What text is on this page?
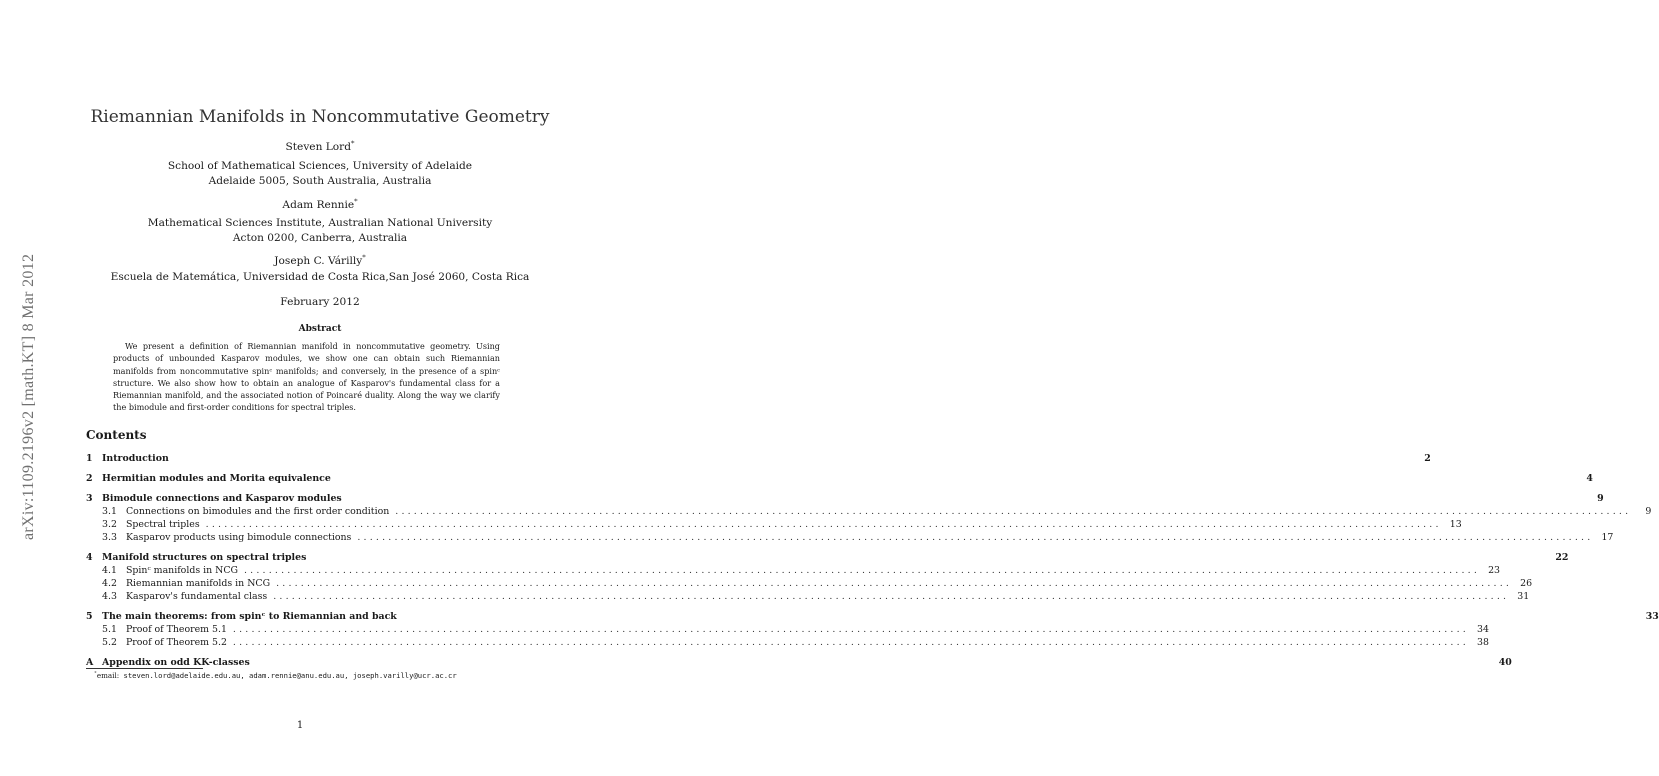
arXiv:1109.2196v2 [math.KT] 8 Mar 2012
Riemannian Manifolds in Noncommutative Geometry
Steven Lord*
School of Mathematical Sciences, University of Adelaide
Adelaide 5005, South Australia, Australia
Adam Rennie*
Mathematical Sciences Institute, Australian National University
Acton 0200, Canberra, Australia
Joseph C. Várilly*
Escuela de Matemática, Universidad de Costa Rica,San José 2060, Costa Rica
February 2012
Abstract
We present a definition of Riemannian manifold in noncommutative geometry. Using products of unbounded Kasparov modules, we show one can obtain such Riemannian manifolds from noncommutative spinᶜ manifolds; and conversely, in the presence of a spinᶜ structure. We also show how to obtain an analogue of Kasparov's fundamental class for a Riemannian manifold, and the associated notion of Poincaré duality. Along the way we clarify the bimodule and first-order conditions for spectral triples.
Contents
1	Introduction	2
2	Hermitian modules and Morita equivalence	4
3	Bimodule connections and Kasparov modules	9
3.1 Connections on bimodules and the first order condition ........................................................................................................................................................................................................	9
3.2 Spectral triples ........................................................................................................................................................................................................ 13
3.3 Kasparov products using bimodule connections ........................................................................................................................................................................................................ 17
4	Manifold structures on spectral triples	22
4.1 Spinᶜ manifolds in NCG ........................................................................................................................................................................................................ 23
4.2 Riemannian manifolds in NCG ........................................................................................................................................................................................................ 26
4.3 Kasparov's fundamental class ........................................................................................................................................................................................................ 31
5	The main theorems: from spinᶜ to Riemannian and back	33
5.1 Proof of Theorem 5.1 ........................................................................................................................................................................................................ 34
5.2 Proof of Theorem 5.2 ........................................................................................................................................................................................................ 38
A Appendix on odd KK-classes	40
*email: steven.lord@adelaide.edu.au, adam.rennie@anu.edu.au, joseph.varilly@ucr.ac.cr
1
